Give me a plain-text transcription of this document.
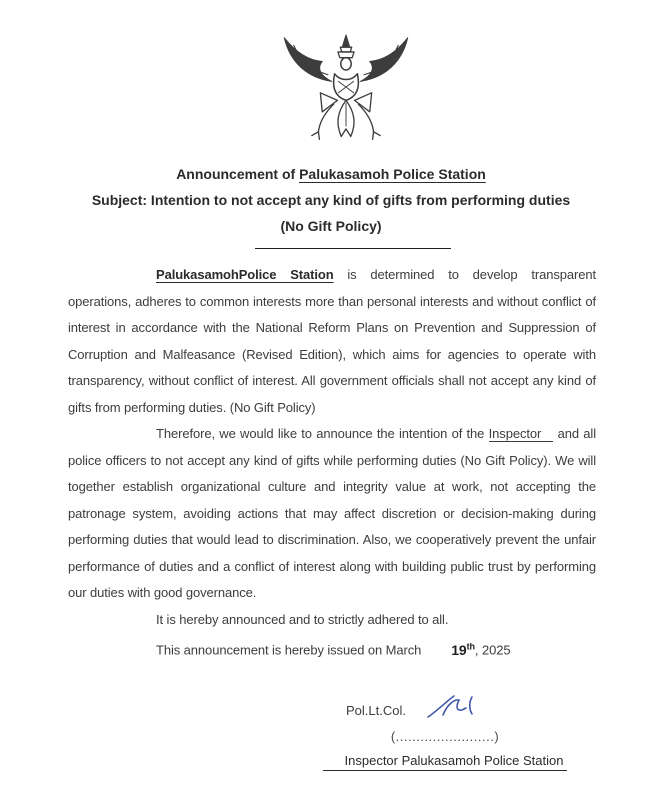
Announcement of Palukasamoh Police Station
Subject: Intention to not accept any kind of gifts from performing duties
(No Gift Policy)

PalukasamohPolice Station is determined to develop transparent operations, adheres to common interests more than personal interests and without conflict of interest in accordance with the National Reform Plans on Prevention and Suppression of Corruption and Malfeasance (Revised Edition), which aims for agencies to operate with transparency, without conflict of interest. All government officials shall not accept any kind of gifts from performing duties. (No Gift Policy)

Therefore, we would like to announce the intention of the Inspector and all police officers to not accept any kind of gifts while performing duties (No Gift Policy). We will together establish organizational culture and integrity value at work, not accepting the patronage system, avoiding actions that may affect discretion or decision-making during performing duties that would lead to discrimination. Also, we cooperatively prevent the unfair performance of duties and a conflict of interest along with building public trust by performing our duties with good governance.

It is hereby announced and to strictly adhered to all.
This announcement is hereby issued on March 19th, 2025
Pol.Lt.Col.
(........................)
Inspector Palukasamoh Police Station
